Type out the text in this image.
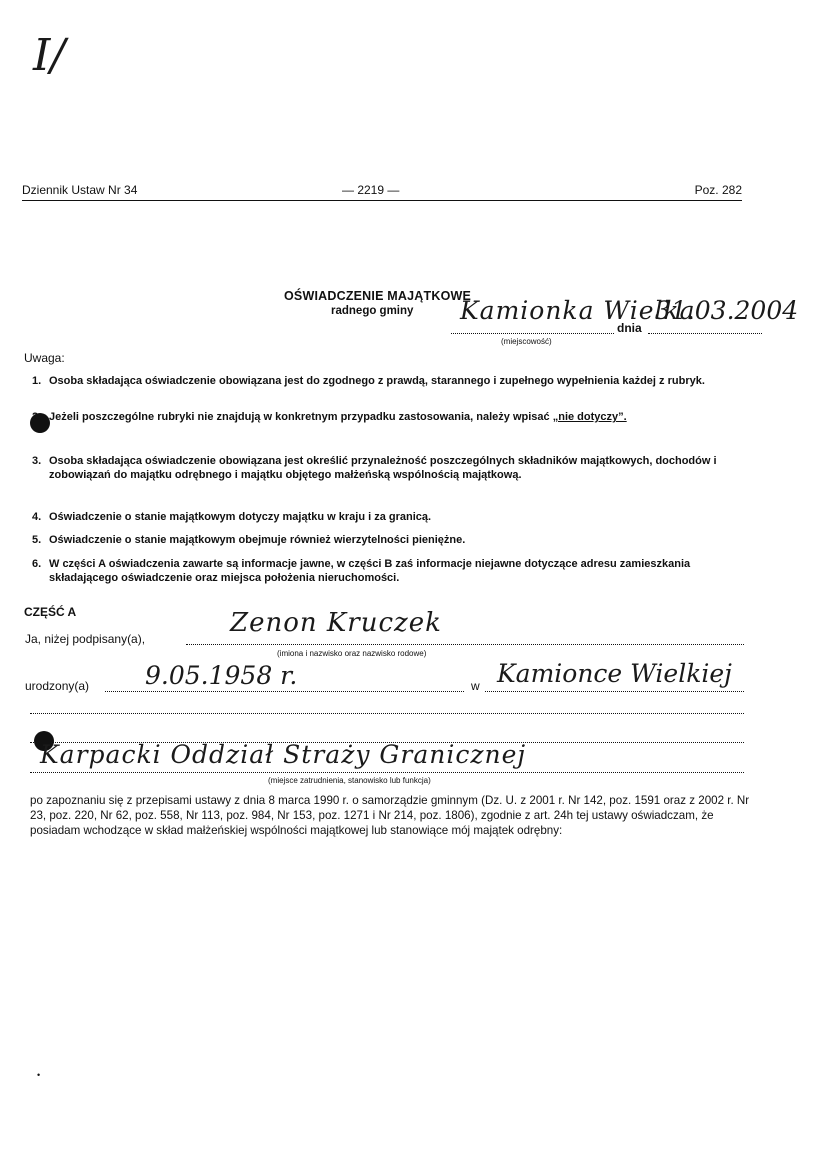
I/
Dziennik Ustaw Nr 34	— 2219 —	Poz. 282
OŚWIADCZENIE MAJĄTKOWE
radnego gminy Kamionka Wielka
dnia
31.03.2004
(miejscowość)
Uwaga:
1. Osoba składająca oświadczenie obowiązana jest do zgodnego z prawdą, starannego i zupełnego wypełnienia każdej z rubryk.
2. Jeżeli poszczególne rubryki nie znajdują w konkretnym przypadku zastosowania, należy wpisać „nie dotyczy”.
3. Osoba składająca oświadczenie obowiązana jest określić przynależność poszczególnych składników majątkowych, dochodów i zobowiązań do majątku odrębnego i majątku objętego małżeńską wspólnością majątkową.
4. Oświadczenie o stanie majątkowym dotyczy majątku w kraju i za granicą.
5. Oświadczenie o stanie majątkowym obejmuje również wierzytelności pieniężne.
6. W części A oświadczenia zawarte są informacje jawne, w części B zaś informacje niejawne dotyczące adresu zamieszkania składającego oświadczenie oraz miejsca położenia nieruchomości.
CZĘŚĆ A
Ja, niżej podpisany(a),
Zenon Kruczek
(imiona i nazwisko oraz nazwisko rodowe)
urodzony(a) 9.05.1958 r.	w Kamionce Wielkiej
Karpacki Oddział Straży Granicznej
(miejsce zatrudnienia, stanowisko lub funkcja)
po zapoznaniu się z przepisami ustawy z dnia 8 marca 1990 r. o samorządzie gminnym (Dz. U. z 2001 r. Nr 142, poz. 1591 oraz z 2002 r. Nr 23, poz. 220, Nr 62, poz. 558, Nr 113, poz. 984, Nr 153, poz. 1271 i Nr 214, poz. 1806), zgodnie z art. 24h tej ustawy oświadczam, że posiadam wchodzące w skład małżeńskiej wspólności majątkowej lub stanowiące mój majątek odrębny:
•
